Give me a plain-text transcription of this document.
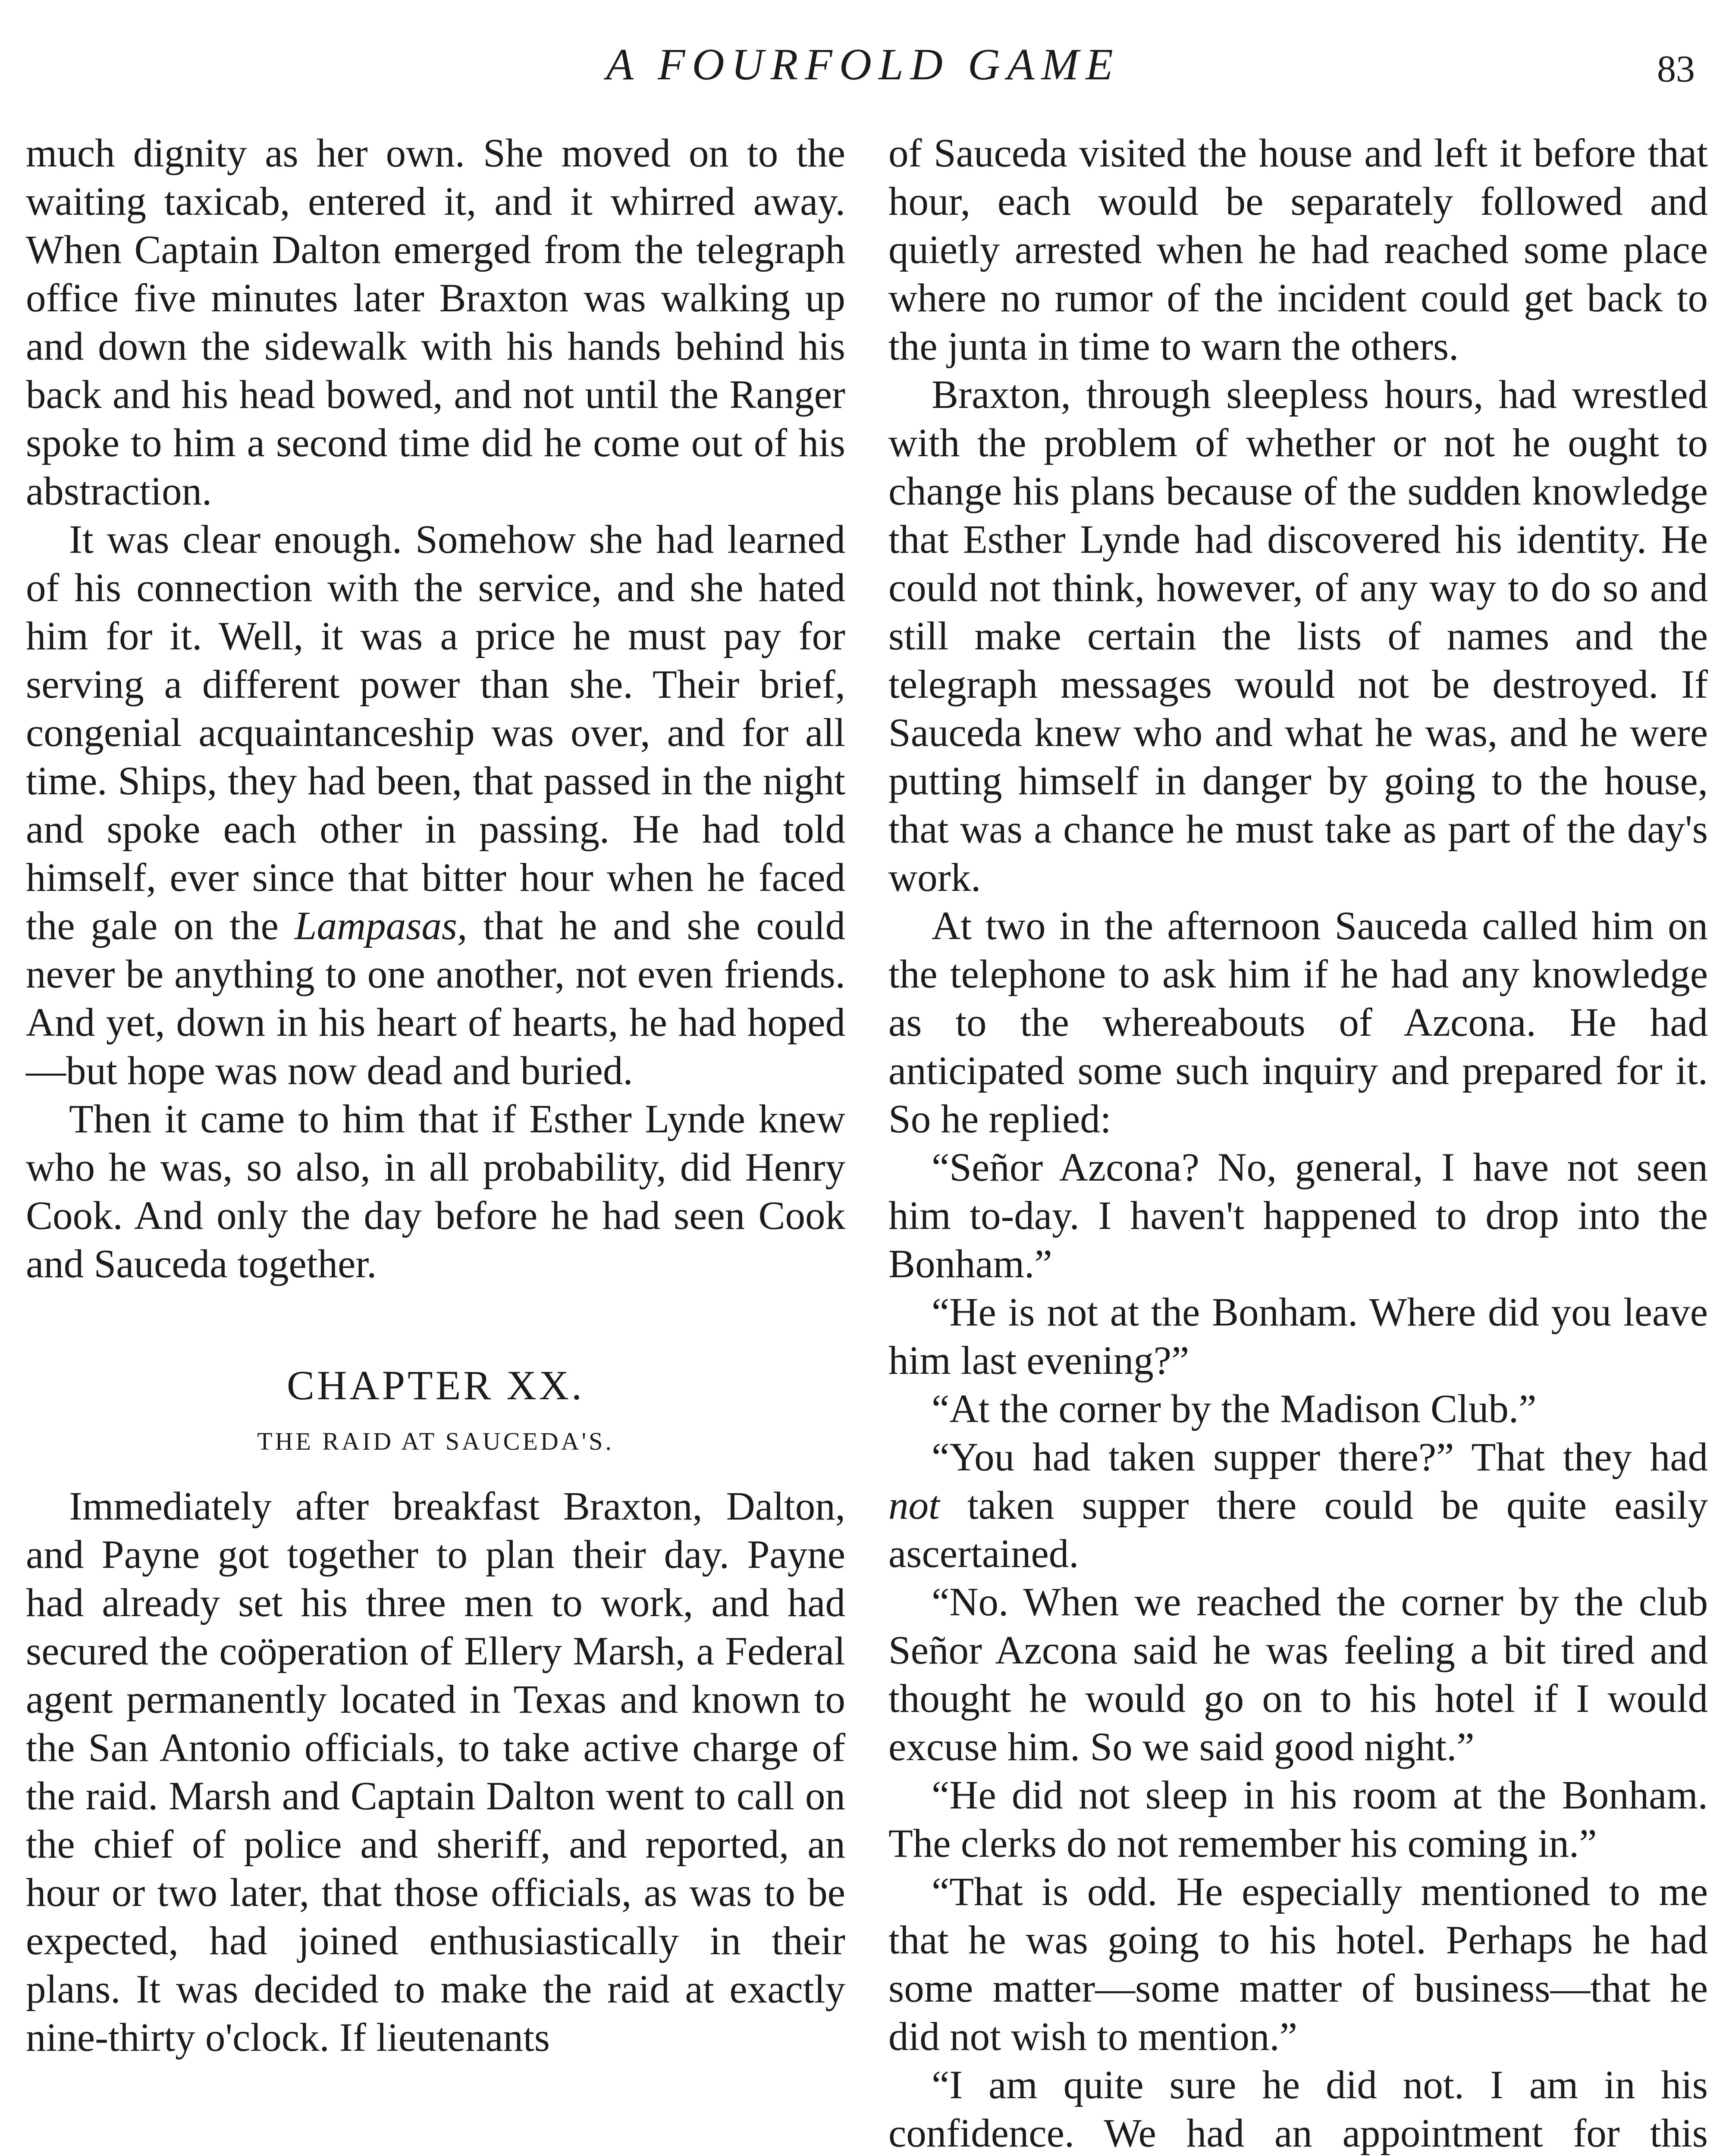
A FOURFOLD GAME	83

much dignity as her own. She moved on to the waiting taxicab, entered it, and it whirred away. When Captain Dalton emerged from the telegraph office five minutes later Braxton was walking up and down the sidewalk with his hands behind his back and his head bowed, and not until the Ranger spoke to him a second time did he come out of his abstraction.

It was clear enough. Somehow she had learned of his connection with the service, and she hated him for it. Well, it was a price he must pay for serving a different power than she. Their brief, congenial acquaintanceship was over, and for all time. Ships, they had been, that passed in the night and spoke each other in passing. He had told himself, ever since that bitter hour when he faced the gale on the Lampasas, that he and she could never be anything to one another, not even friends. And yet, down in his heart of hearts, he had hoped—but hope was now dead and buried.

Then it came to him that if Esther Lynde knew who he was, so also, in all probability, did Henry Cook. And only the day before he had seen Cook and Sauceda together.

CHAPTER XX.
THE RAID AT SAUCEDA'S.

Immediately after breakfast Braxton, Dalton, and Payne got together to plan their day. Payne had already set his three men to work, and had secured the coöperation of Ellery Marsh, a Federal agent permanently located in Texas and known to the San Antonio officials, to take active charge of the raid. Marsh and Captain Dalton went to call on the chief of police and sheriff, and reported, an hour or two later, that those officials, as was to be expected, had joined enthusiastically in their plans. It was decided to make the raid at exactly nine-thirty o'clock. If lieutenants

of Sauceda visited the house and left it before that hour, each would be separately followed and quietly arrested when he had reached some place where no rumor of the incident could get back to the junta in time to warn the others.

Braxton, through sleepless hours, had wrestled with the problem of whether or not he ought to change his plans because of the sudden knowledge that Esther Lynde had discovered his identity. He could not think, however, of any way to do so and still make certain the lists of names and the telegraph messages would not be destroyed. If Sauceda knew who and what he was, and he were putting himself in danger by going to the house, that was a chance he must take as part of the day's work.

At two in the afternoon Sauceda called him on the telephone to ask him if he had any knowledge as to the whereabouts of Azcona. He had anticipated some such inquiry and prepared for it. So he replied:

“Señor Azcona? No, general, I have not seen him to-day. I haven't happened to drop into the Bonham.”

“He is not at the Bonham. Where did you leave him last evening?”

“At the corner by the Madison Club.”

“You had taken supper there?” That they had not taken supper there could be quite easily ascertained.

“No. When we reached the corner by the club Señor Azcona said he was feeling a bit tired and thought he would go on to his hotel if I would excuse him. So we said good night.”

“He did not sleep in his room at the Bonham. The clerks do not remember his coming in.”

“That is odd. He especially mentioned to me that he was going to his hotel. Perhaps he had some matter—some matter of business—that he did not wish to mention.”

“I am quite sure he did not. I am in his confidence. We had an appointment for this
